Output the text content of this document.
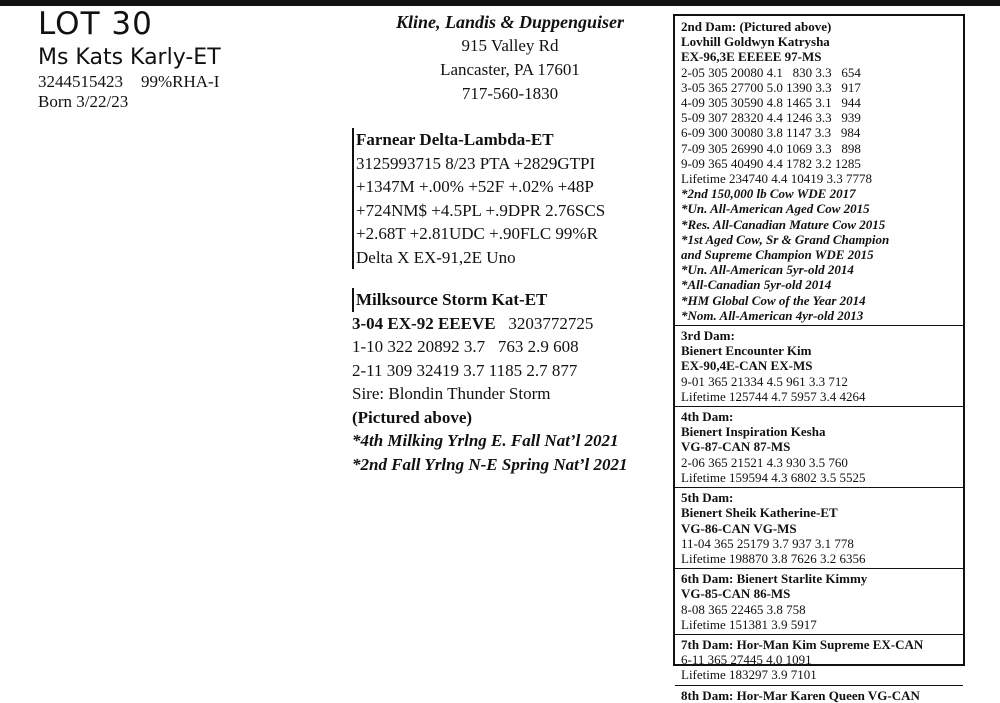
LOT 30
Ms Kats Karly-ET
3244515423 99%RHA-I
Born 3/22/23
Kline, Landis & Duppenguiser
915 Valley Rd
Lancaster, PA 17601
717-560-1830
Farnear Delta-Lambda-ET
3125993715 8/23 PTA +2829GTPI
+1347M +.00% +52F +.02% +48P
+724NM$ +4.5PL +.9DPR 2.76SCS
+2.68T +2.81UDC +.90FLC 99%R
Delta X EX-91,2E Uno
Milksource Storm Kat-ET
3-04 EX-92 EEEVE 3203772725
1-10 322 20892 3.7   763 2.9 608
2-11 309 32419 3.7 1185 2.7 877
Sire: Blondin Thunder Storm
(Pictured above)
*4th Milking Yrlng E. Fall Nat’l 2021
*2nd Fall Yrlng N-E Spring Nat’l 2021
2nd Dam: (Pictured above)
Lovhill Goldwyn Katrysha
EX-96,3E EEEEE 97-MS
2-05 305 20080 4.1   830 3.3   654
3-05 365 27700 5.0 1390 3.3   917
4-09 305 30590 4.8 1465 3.1   944
5-09 307 28320 4.4 1246 3.3   939
6-09 300 30080 3.8 1147 3.3   984
7-09 305 26990 4.0 1069 3.3   898
9-09 365 40490 4.4 1782 3.2 1285
Lifetime 234740 4.4 10419 3.3 7778
*2nd 150,000 lb Cow WDE 2017
*Un. All-American Aged Cow 2015
*Res. All-Canadian Mature Cow 2015
*1st Aged Cow, Sr & Grand Champion
and Supreme Champion WDE 2015
*Un. All-American 5yr-old 2014
*All-Canadian 5yr-old 2014
*HM Global Cow of the Year 2014
*Nom. All-American 4yr-old 2013
3rd Dam:
Bienert Encounter Kim
EX-90,4E-CAN EX-MS
9-01 365 21334 4.5 961 3.3 712
Lifetime 125744 4.7 5957 3.4 4264
4th Dam:
Bienert Inspiration Kesha
VG-87-CAN 87-MS
2-06 365 21521 4.3 930 3.5 760
Lifetime 159594 4.3 6802 3.5 5525
5th Dam:
Bienert Sheik Katherine-ET
VG-86-CAN VG-MS
11-04 365 25179 3.7 937 3.1 778
Lifetime 198870 3.8 7626 3.2 6356
6th Dam: Bienert Starlite Kimmy
VG-85-CAN 86-MS
8-08 365 22465 3.8 758
Lifetime 151381 3.9 5917
7th Dam: Hor-Man Kim Supreme EX-CAN
6-11 365 27445 4.0 1091
Lifetime 183297 3.9 7101
8th Dam: Hor-Mar Karen Queen VG-CAN
